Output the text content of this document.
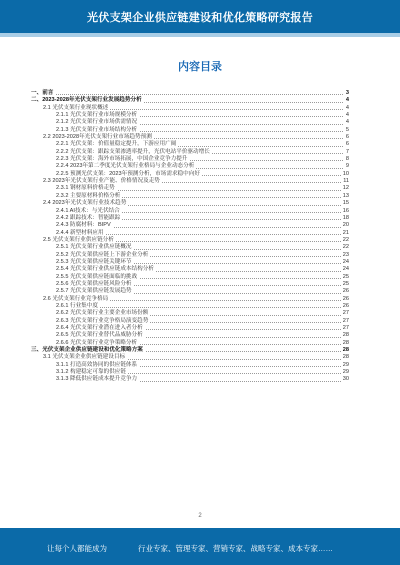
光伏支架企业供应链建设和优化策略研究报告
内容目录
一、前言	3
二、2023-2028年光伏支架行业发展趋势分析	4
2.1 光伏支架行业现状概述	4
2.1.1 光伏支架行业市场规模分析	4
2.1.2 光伏支架行业市场供需情况	4
2.1.3 光伏支架行业市场结构分析	5
2.2 2023-2028年光伏支架行业市场趋势预测	6
2.2.1 光伏支架：价值量稳定提升，下游应用广阔	6
2.2.2 光伏支架：跟踪支架渗透率提升，光伏电站平价驱动增长	7
2.2.3 光伏支架：海外市场拓展，中国企业竞争力提升	8
2.2.4 2023年第二季度光伏支架行业格局与企业动态分析	9
2.2.5 预测光伏支架：2023年预测分析，市场需求稳中向好	10
2.3 2023年光伏支架行业产能、价格情况及走势	11
2.3.1 钢材原料价格走势	12
2.3.2 主要原材料价格分析	13
2.4 2023年光伏支架行业技术趋势	15
2.4.1 AI技术：与光伏结合	16
2.4.2 跟踪技术：智能跟踪	18
2.4.3 防腐材料：BIPV	20
2.4.4 新型材料应用	21
2.5 光伏支架行业供应链分析	22
2.5.1 光伏支架行业供应链概况	22
2.5.2 光伏支架供应链上下游企业分析	23
2.5.3 光伏支架供应链关键环节	24
2.5.4 光伏支架行业供应链成本结构分析	24
2.5.5 光伏支架供应链面临的挑战	25
2.5.6 光伏支架供应链风险分析	25
2.5.7 光伏支架供应链发展趋势	26
2.6 光伏支架行业竞争格局	26
2.6.1 行业集中度	26
2.6.2 光伏支架行业主要企业市场份额	27
2.6.3 光伏支架行业竞争格局演变趋势	27
2.6.4 光伏支架行业潜在进入者分析	27
2.6.5 光伏支架行业替代品威胁分析	28
2.6.6 光伏支架行业竞争策略分析	28
三、光伏支架企业供应链建设和优化策略方案	28
3.1 光伏支架企业供应链建设目标	28
3.1.1 打造高效协同的供应链体系	29
3.1.2 构建稳定可靠的供应链	29
3.1.3 降低供应链成本提升竞争力	30
2
让每个人都能成为	行业专家、管理专家、营销专家、战略专家、成本专家……
